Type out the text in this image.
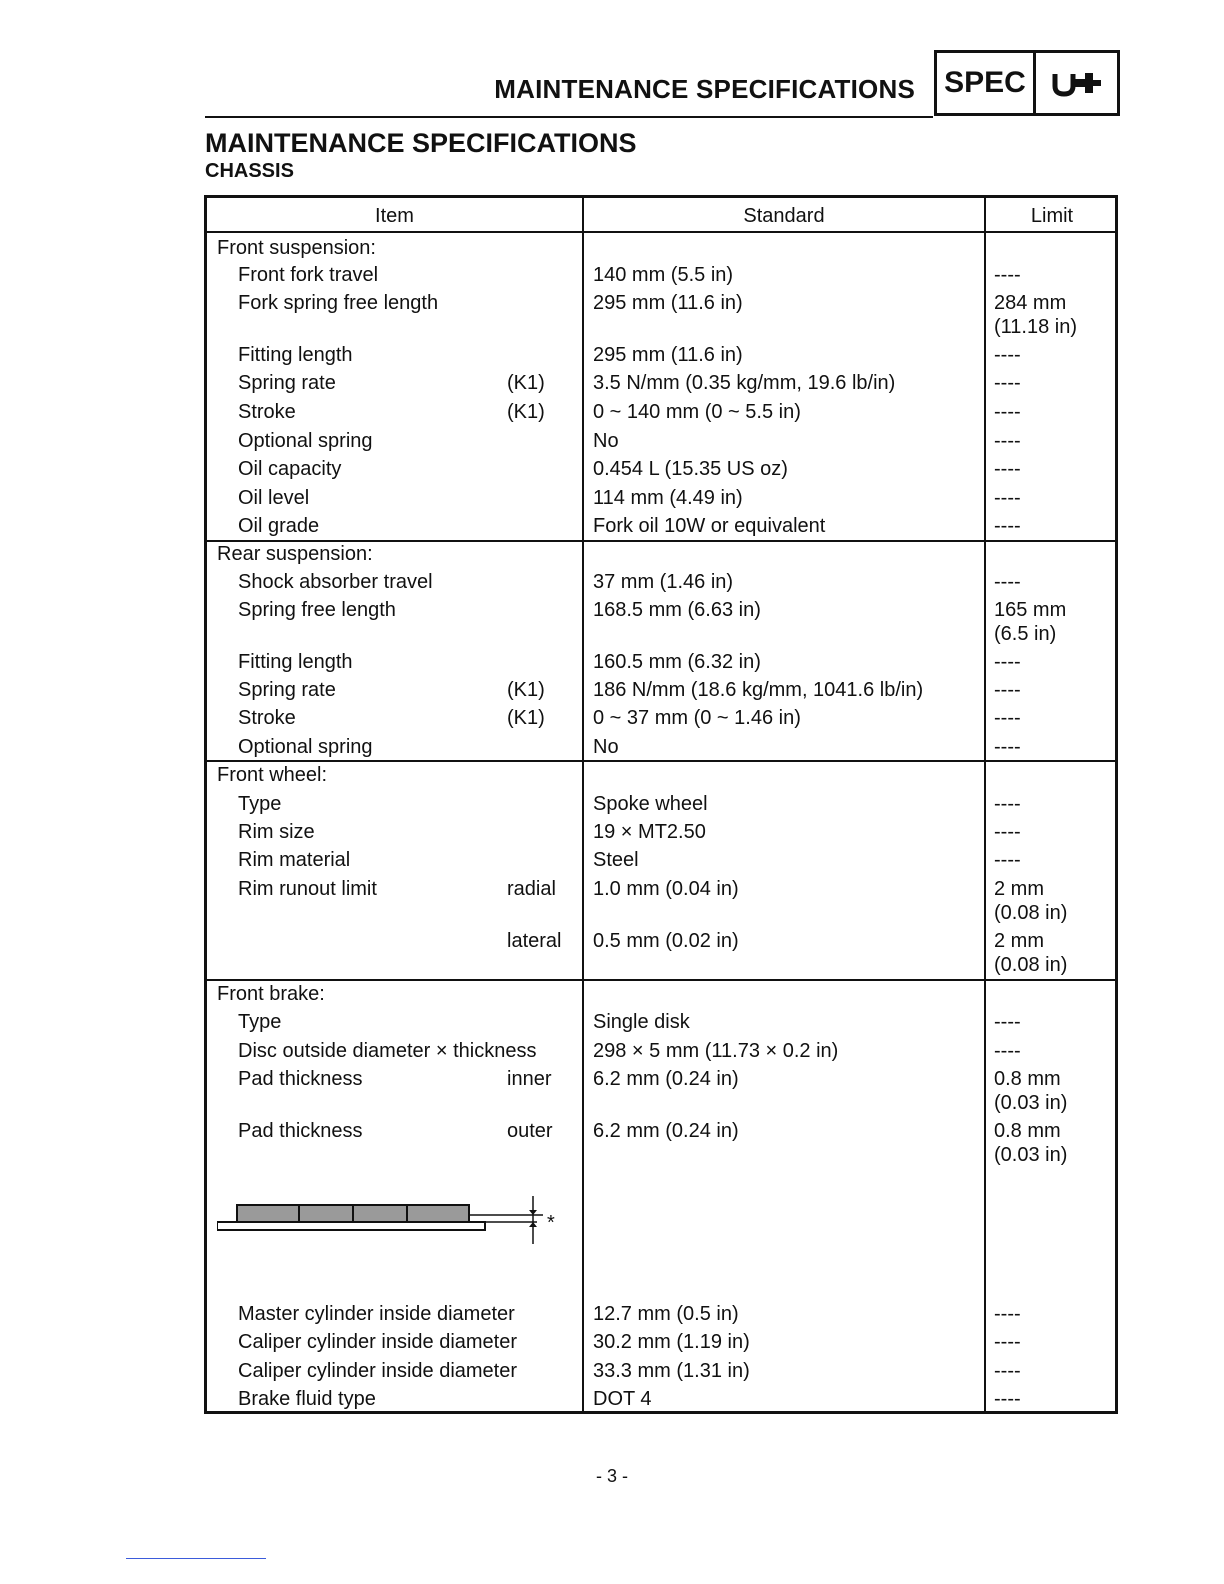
MAINTENANCE SPECIFICATIONS SPEC
MAINTENANCE SPECIFICATIONS
CHASSIS
Item	Standard	Limit
Front suspension:
Front fork travel	140 mm (5.5 in)	----
Fork spring free length	295 mm (11.6 in)	284 mm
(11.18 in)
Fitting length	295 mm (11.6 in)	----
Spring rate	(K1) 3.5 N/mm (0.35 kg/mm, 19.6 lb/in)	----
Stroke	(K1) 0 ~ 140 mm (0 ~ 5.5 in)	----
Optional spring	No	----
Oil capacity	0.454 L (15.35 US oz)	----
Oil level	114 mm (4.49 in)	----
Oil grade	Fork oil 10W or equivalent	----
Rear suspension:
Shock absorber travel	37 mm (1.46 in)	----
Spring free length	168.5 mm (6.63 in)	165 mm
(6.5 in)
Fitting length	160.5 mm (6.32 in)	----
Spring rate	(K1) 186 N/mm (18.6 kg/mm, 1041.6 lb/in)	----
Stroke	(K1) 0 ~ 37 mm (0 ~ 1.46 in)	----
Optional spring	No	----
Front wheel:
Type	Spoke wheel	----
Rim size	19 × MT2.50	----
Rim material	Steel	----
Rim runout limit	radial 1.0 mm (0.04 in)	2 mm
(0.08 in)
lateral 0.5 mm (0.02 in)	2 mm
(0.08 in)
Front brake:
Type	Single disk	----
Disc outside diameter × thickness	298 × 5 mm (11.73 × 0.2 in)	----
Pad thickness	inner 6.2 mm (0.24 in)	0.8 mm
(0.03 in)
Pad thickness	outer 6.2 mm (0.24 in)	0.8 mm
(0.03 in)
*
Master cylinder inside diameter	12.7 mm (0.5 in)	----
Caliper cylinder inside diameter	30.2 mm (1.19 in)	----
Caliper cylinder inside diameter	33.3 mm (1.31 in)	----
Brake fluid type	DOT 4	----
- 3 -
